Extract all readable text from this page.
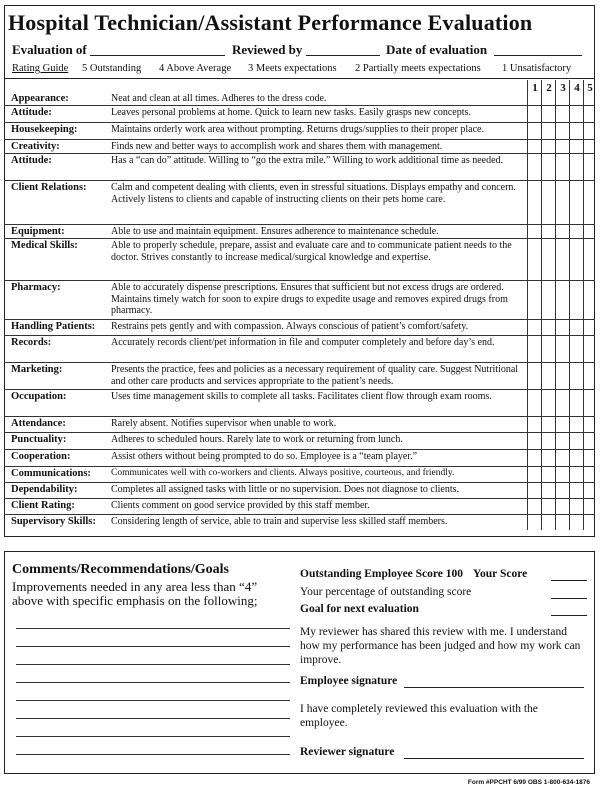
Hospital Technician/Assistant Performance Evaluation
Evaluation of	Reviewed by	Date of evaluation
Rating Guide 5 Outstanding 4 Above Average 3 Meets expectations 2 Partially meets expectations 1 Unsatisfactory
1 2 3 4 5
Appearance:	Neat and clean at all times. Adheres to the dress code.
Attitude:	Leaves personal problems at home. Quick to learn new tasks. Easily grasps new concepts.
Housekeeping:	Maintains orderly work area without prompting. Returns drugs/supplies to their proper place.
Creativity:	Finds new and better ways to accomplish work and shares them with management.
Attitude:	Has a “can do” attitude. Willing to “go the extra mile.” Willing to work additional time as needed.
Client Relations: Calm and competent dealing with clients, even in stressful situations. Displays empathy and concern. Actively listens to clients and capable of instructing clients on their pets home care.
Equipment:	Able to use and maintain equipment. Ensures adherence to maintenance schedule.
Medical Skills:	Able to properly schedule, prepare, assist and evaluate care and to communicate patient needs to the doctor. Strives constantly to increase medical/surgical knowledge and expertise.
Pharmacy:	Able to accurately dispense prescriptions. Ensures that sufficient but not excess drugs are ordered. Maintains timely watch for soon to expire drugs to expedite usage and removes expired drugs from pharmacy.
Handling Patients: Restrains pets gently and with compassion. Always conscious of patient’s comfort/safety.
Records:	Accurately records client/pet information in file and computer completely and before day’s end.
Marketing:	Presents the practice, fees and policies as a necessary requirement of quality care. Suggest Nutritional and other care products and services appropriate to the patient’s needs.
Occupation:	Uses time management skills to complete all tasks. Facilitates client flow through exam rooms.
Attendance:	Rarely absent. Notifies supervisor when unable to work.
Punctuality:	Adheres to scheduled hours. Rarely late to work or returning from lunch.
Cooperation:	Assist others without being prompted to do so. Employee is a “team player.”
Communications: Communicates well with co-workers and clients. Always positive, courteous, and friendly.
Dependability:	Completes all assigned tasks with little or no supervision. Does not diagnose to clients.
Client Rating:	Clients comment on good service provided by this staff member.
Supervisory Skills: Considering length of service, able to train and supervise less skilled staff members.
Comments/Recommendations/Goals
Improvements needed in any area less than “4” above with specific emphasis on the following;
Outstanding Employee Score 100 Your Score
Your percentage of outstanding score
Goal for next evaluation
My reviewer has shared this review with me. I understand how my performance has been judged and how my work can improve.
Employee signature
I have completely reviewed this evaluation with the employee.
Reviewer signature
Form #PPCHT 6/99 OBS 1-800-634-1876
